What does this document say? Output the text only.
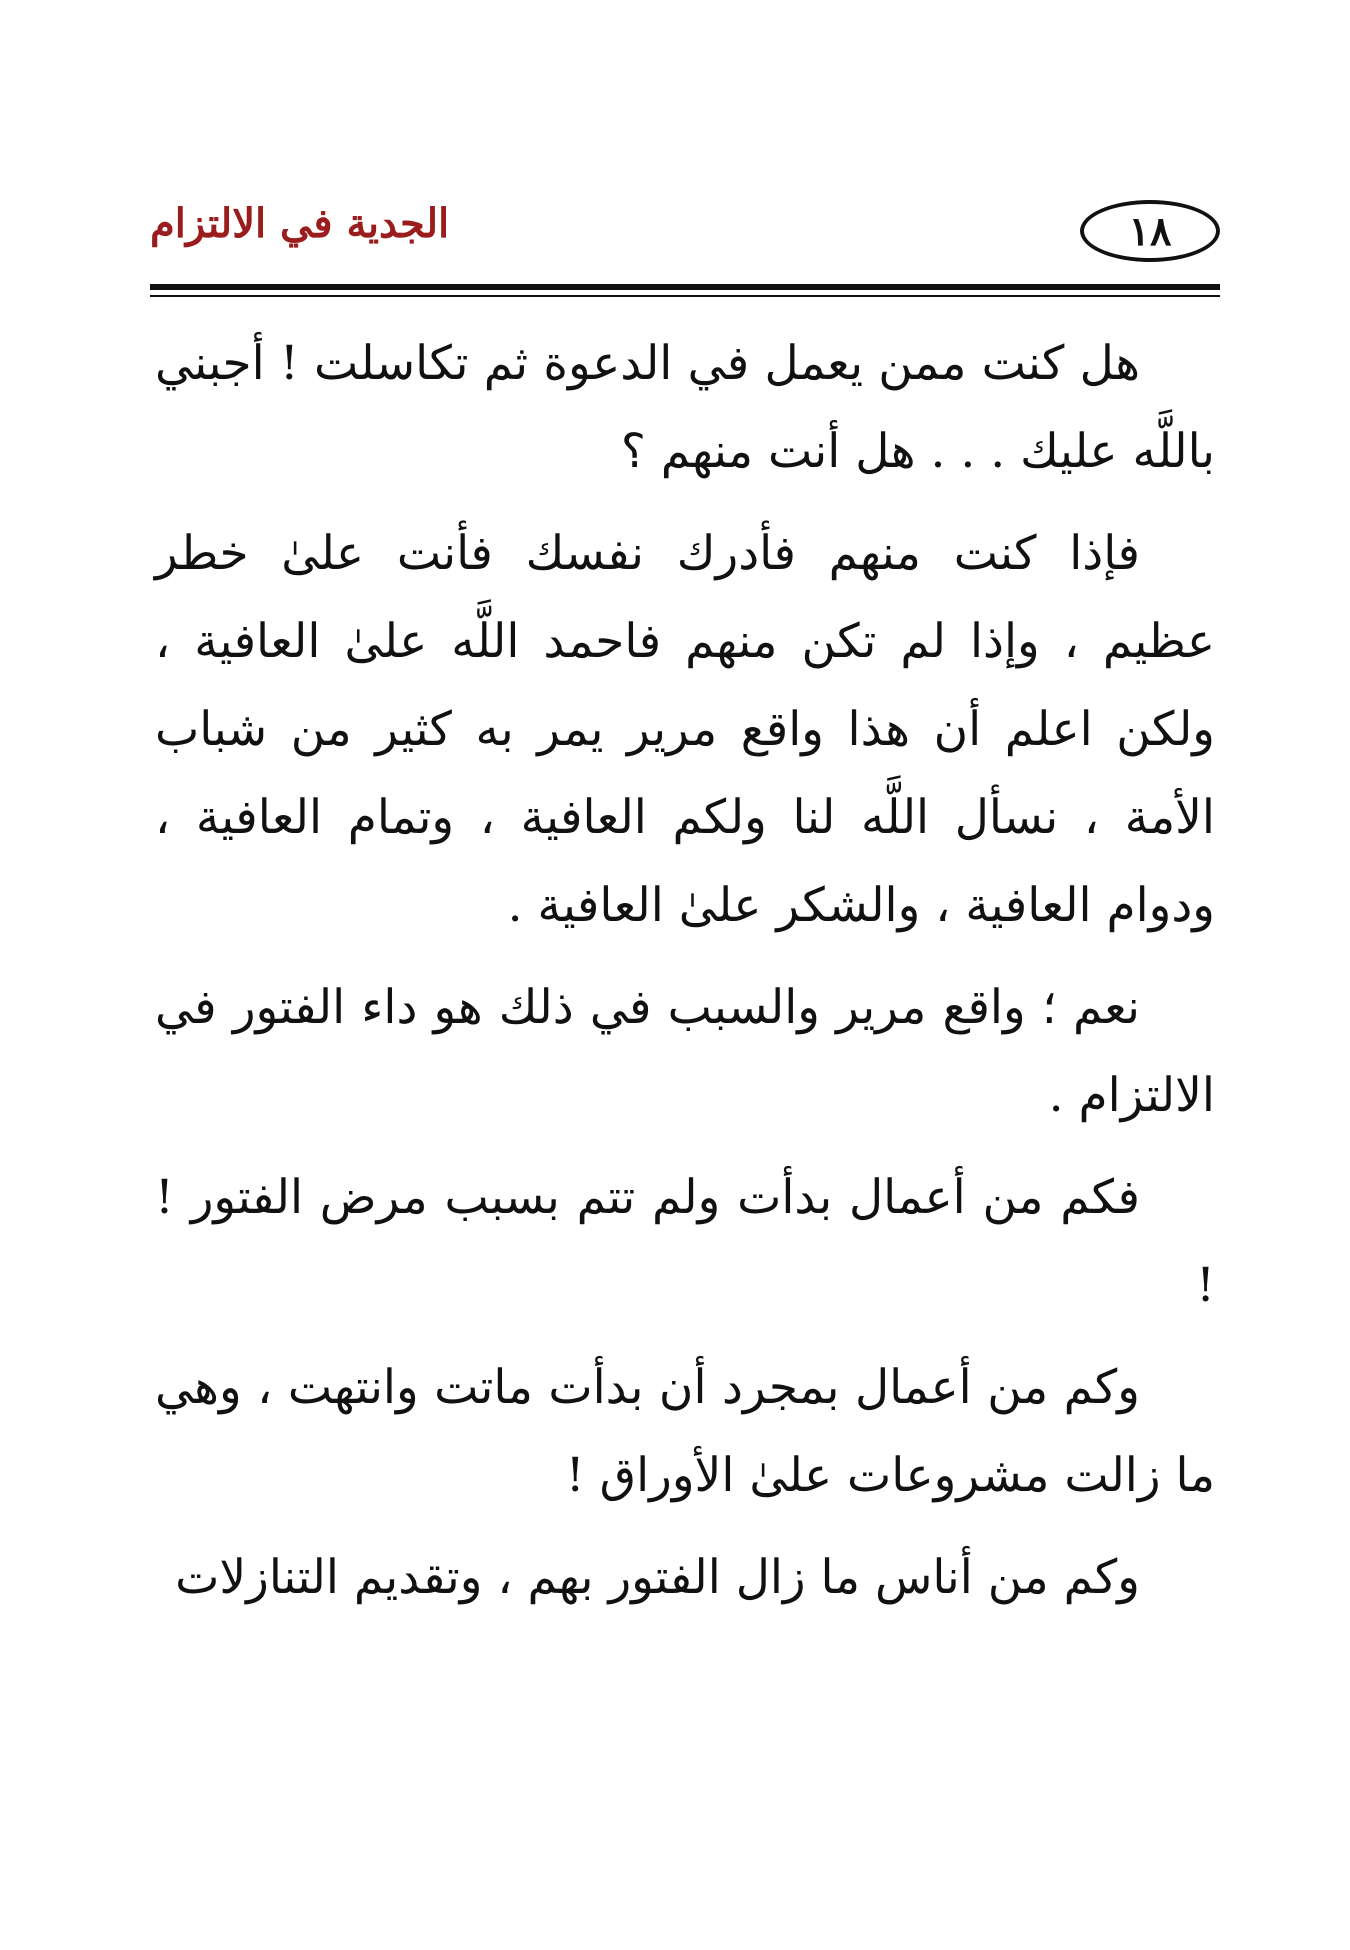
١٨
الجدية في الالتزام

هل كنت ممن يعمل في الدعوة ثم تكاسلت ! أجبني باللَّه عليك . . . هل أنت منهم ؟

فإذا كنت منهم فأدرك نفسك فأنت علىٰ خطر عظيم ، وإذا لم تكن منهم فاحمد اللَّه علىٰ العافية ، ولكن اعلم أن هذا واقع مرير يمر به كثير من شباب الأمة ، نسأل اللَّه لنا ولكم العافية ، وتمام العافية ، ودوام العافية ، والشكر علىٰ العافية .

نعم ؛ واقع مرير والسبب في ذلك هو داء الفتور في الالتزام .

فكم من أعمال بدأت ولم تتم بسبب مرض الفتور ! !

وكم من أعمال بمجرد أن بدأت ماتت وانتهت ، وهي ما زالت مشروعات علىٰ الأوراق !

وكم من أناس ما زال الفتور بهم ، وتقديم التنازلات
